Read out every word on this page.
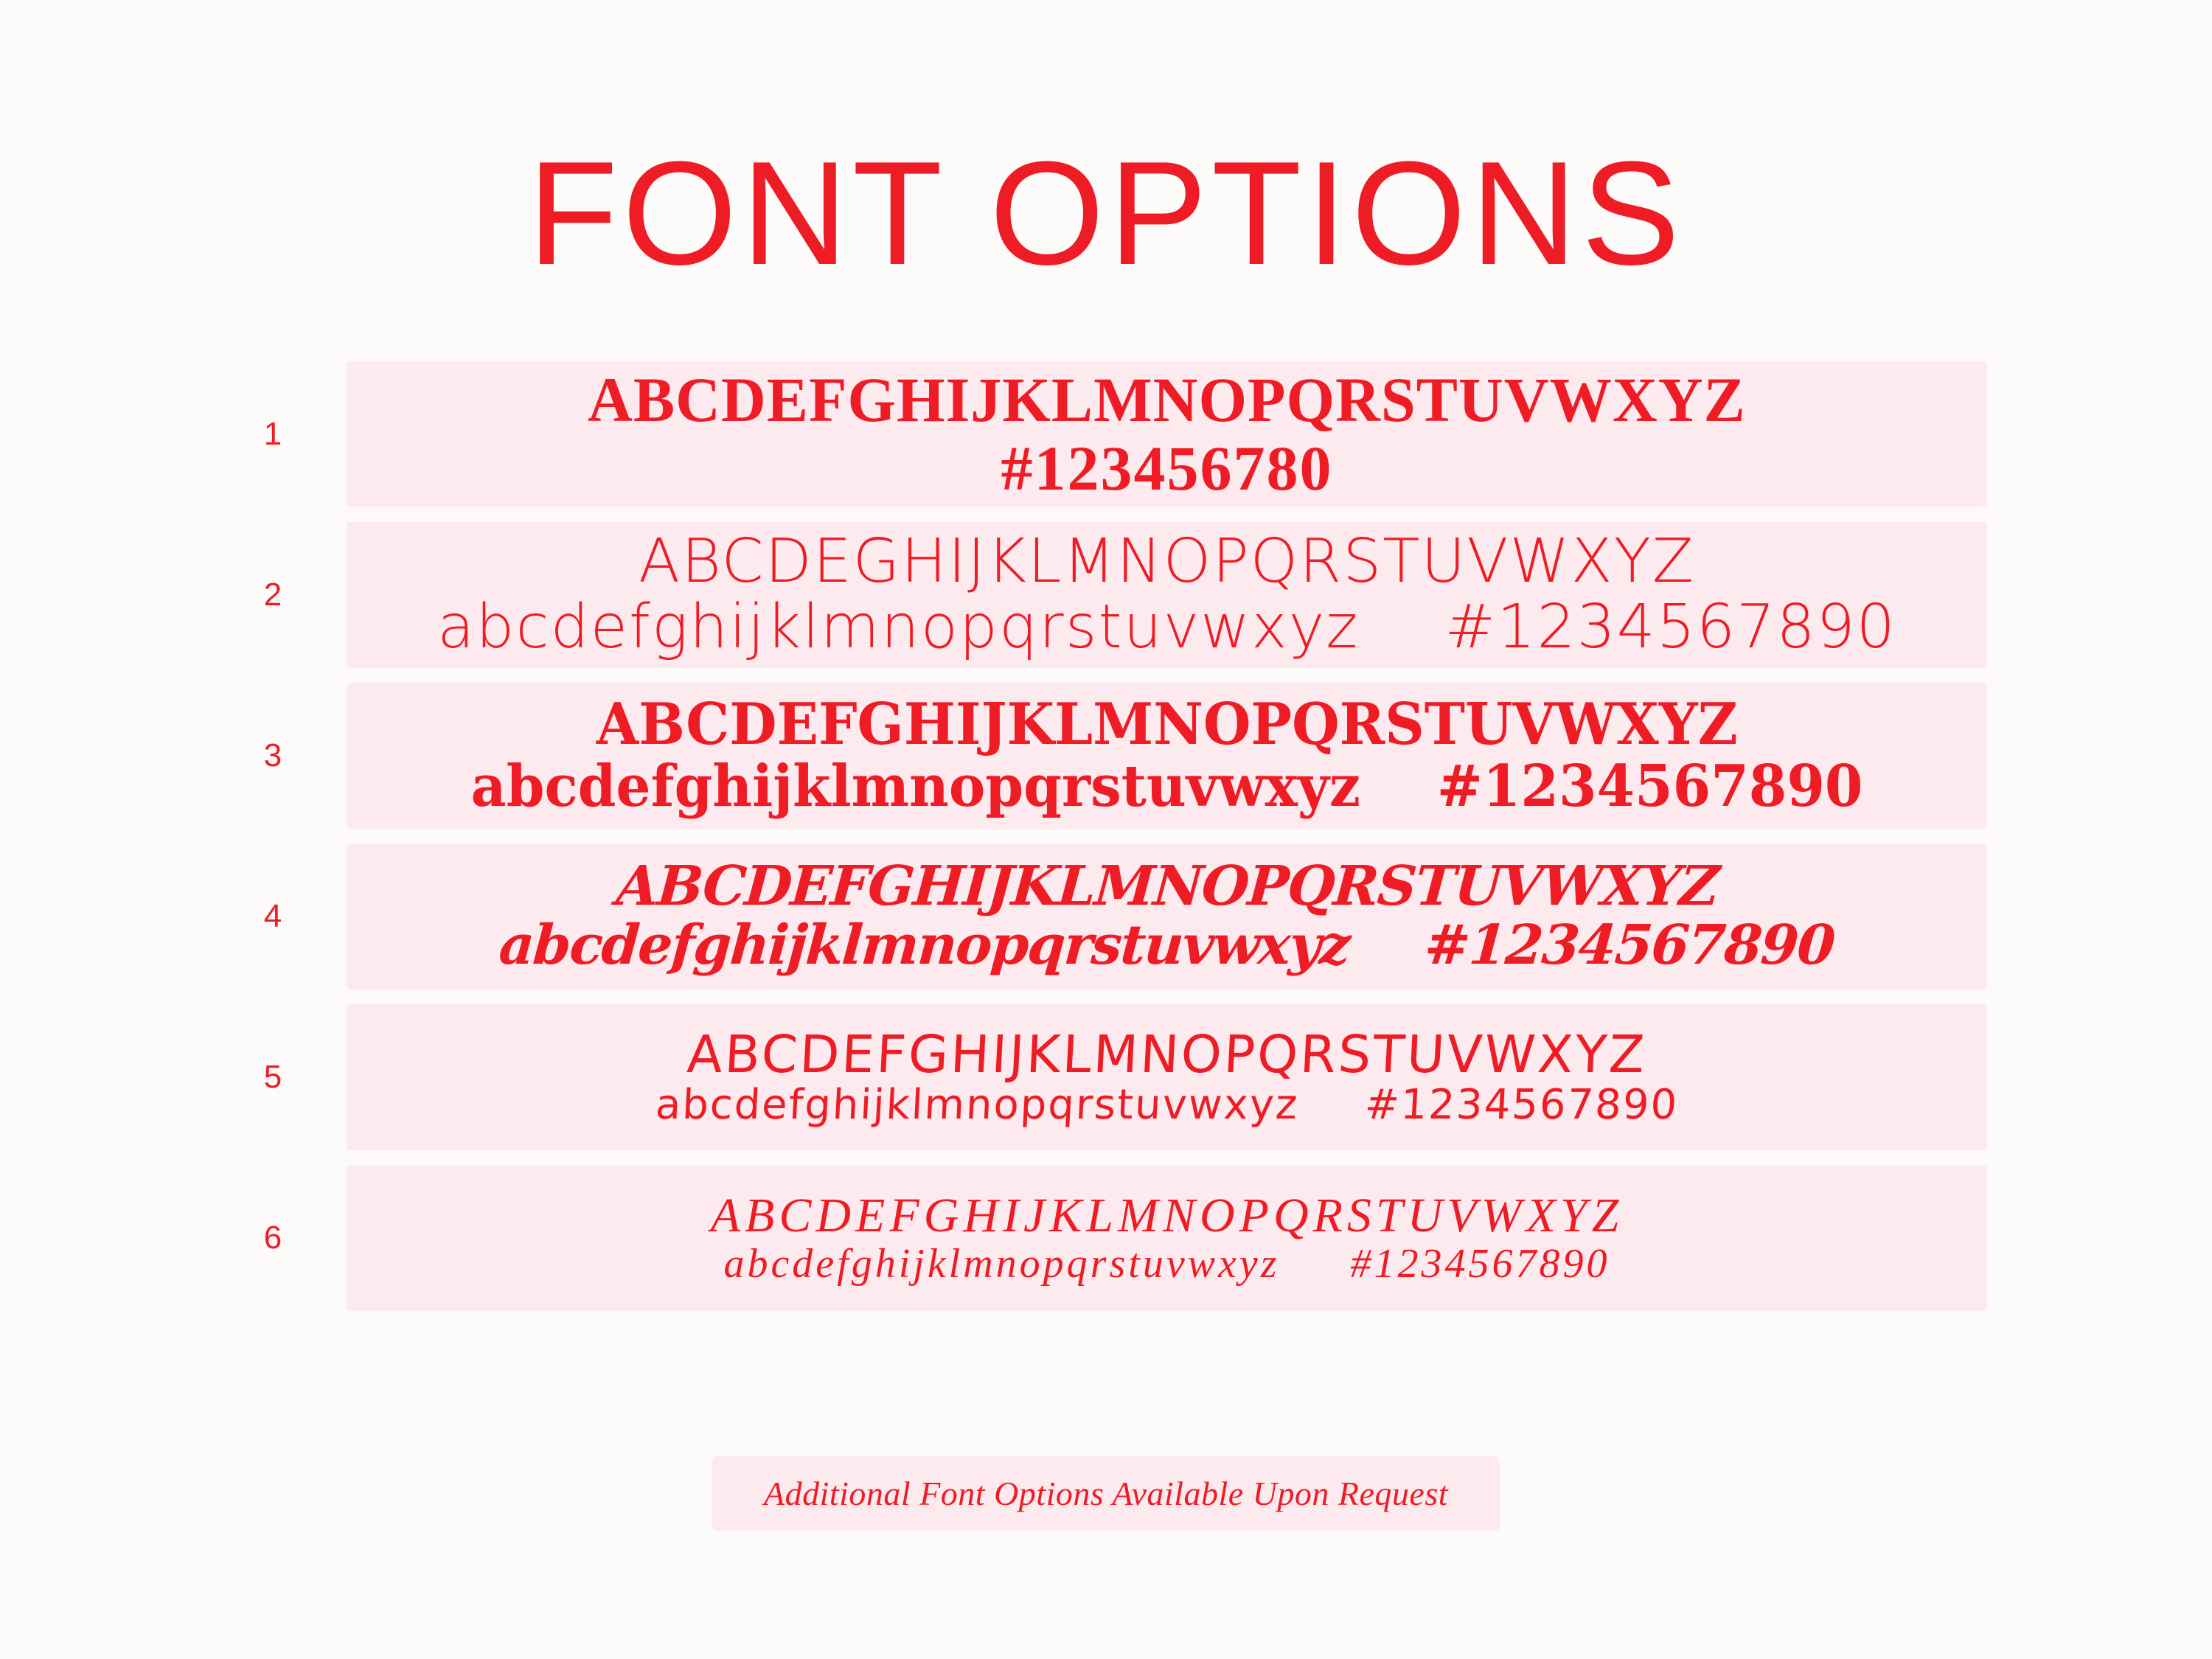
FONT OPTIONS
1	ABCDEFGHIJKLMNOPQRSTUVWXYZ
#123456780
2	ABCDEGHIJKLMNOPQRSTUVWXYZ
abcdefghijklmnopqrstuvwxyz #1234567890
3	ABCDEFGHIJKLMNOPQRSTUVWXYZ
abcdefghijklmnopqrstuvwxyz #1234567890
4	ABCDEFGHIJKLMNOPQRSTUVWXYZ
abcdefghijklmnopqrstuvwxyz #1234567890
5	ABCDEFGHIJKLMNOPQRSTUVWXYZ
abcdefghijklmnopqrstuvwxyz #1234567890
6	ABCDEFGHIJKLMNOPQRSTUVWXYZ
abcdefghijklmnopqrstuvwxyz #1234567890
Additional Font Options Available Upon Request
